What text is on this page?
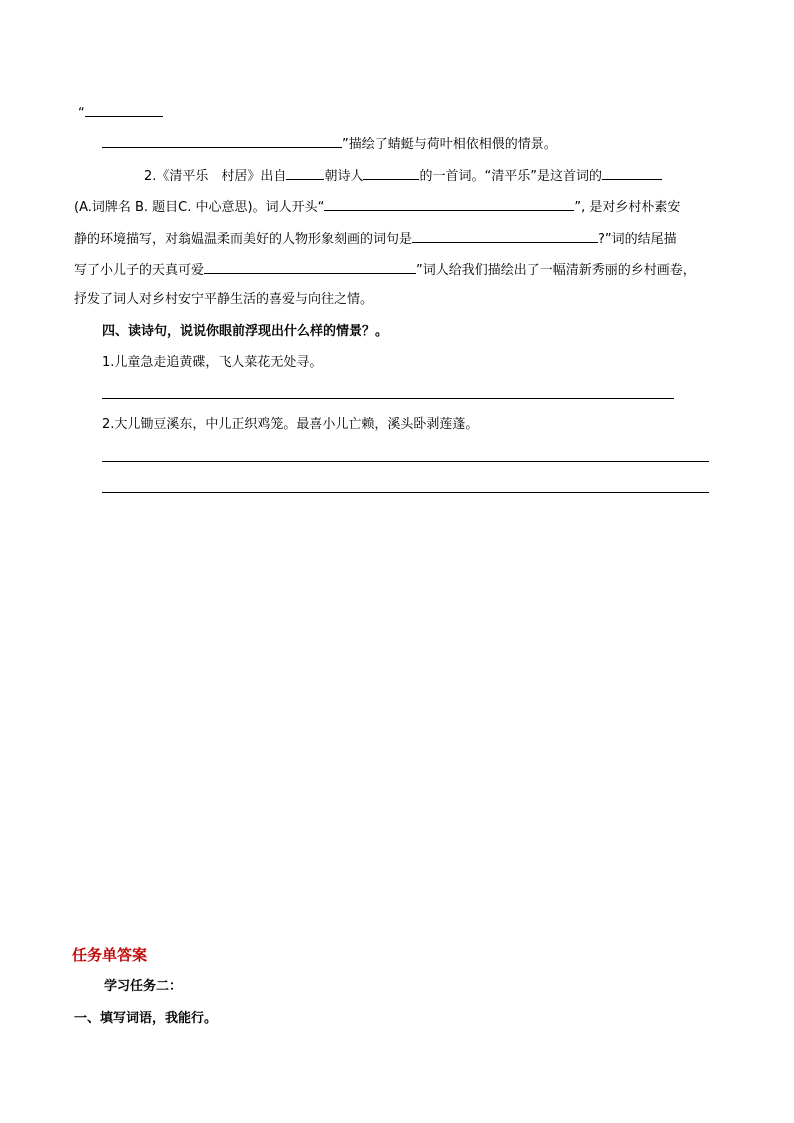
“
”描绘了蜻蜓与荷叶相依相偎的情景。
2.《清平乐　村居》出自	朝诗人	的一首词。“清平乐”是这首词的
(A.词牌名 B. 题目C. 中心意思)。词人开头“	”, 是对乡村朴素安
静的环境描写，对翁媪温柔而美好的人物形象刻画的词句是	?”词的结尾描
写了小儿子的天真可爱	”词人给我们描绘出了一幅清新秀丽的乡村画卷，
抒发了词人对乡村安宁平静生活的喜爱与向往之情。
四、读诗句，说说你眼前浮现出什么样的情景？。
1.儿童急走追黄碟，飞人菜花无处寻。
2.大儿锄豆溪东，中儿正织鸡笼。最喜小儿亡赖，溪头卧剥莲蓬。
任务单答案
学习任务二：
一、填写词语，我能行。
